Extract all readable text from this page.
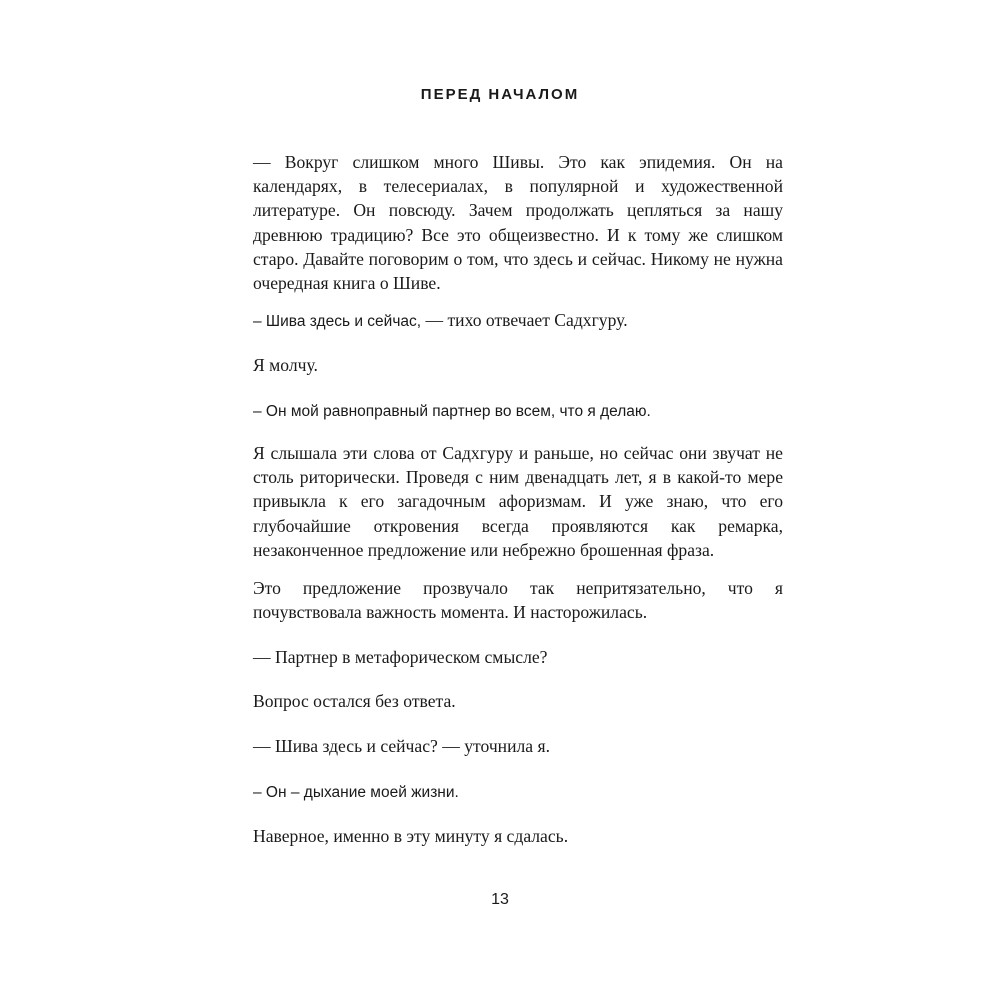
ПЕРЕД НАЧАЛОМ
— Вокруг слишком много Шивы. Это как эпидемия. Он на календарях, в телесериалах, в популярной и художественной литературе. Он повсюду. Зачем продолжать цепляться за нашу древнюю традицию? Все это общеизвестно. И к тому же слишком старо. Давайте поговорим о том, что здесь и сейчас. Никому не нужна очередная книга о Шиве.
– Шива здесь и сейчас, — тихо отвечает Садхгуру.
Я молчу.
– Он мой равноправный партнер во всем, что я делаю.
Я слышала эти слова от Садхгуру и раньше, но сейчас они звучат не столь риторически. Проведя с ним двенадцать лет, я в какой-то мере привыкла к его загадочным афоризмам. И уже знаю, что его глубочайшие откровения всегда проявляются как ремарка, незаконченное предложение или небрежно брошенная фраза.
Это предложение прозвучало так непритязательно, что я почувствовала важность момента. И насторожилась.
— Партнер в метафорическом смысле?
Вопрос остался без ответа.
— Шива здесь и сейчас? — уточнила я.
– Он – дыхание моей жизни.
Наверное, именно в эту минуту я сдалась.
13
